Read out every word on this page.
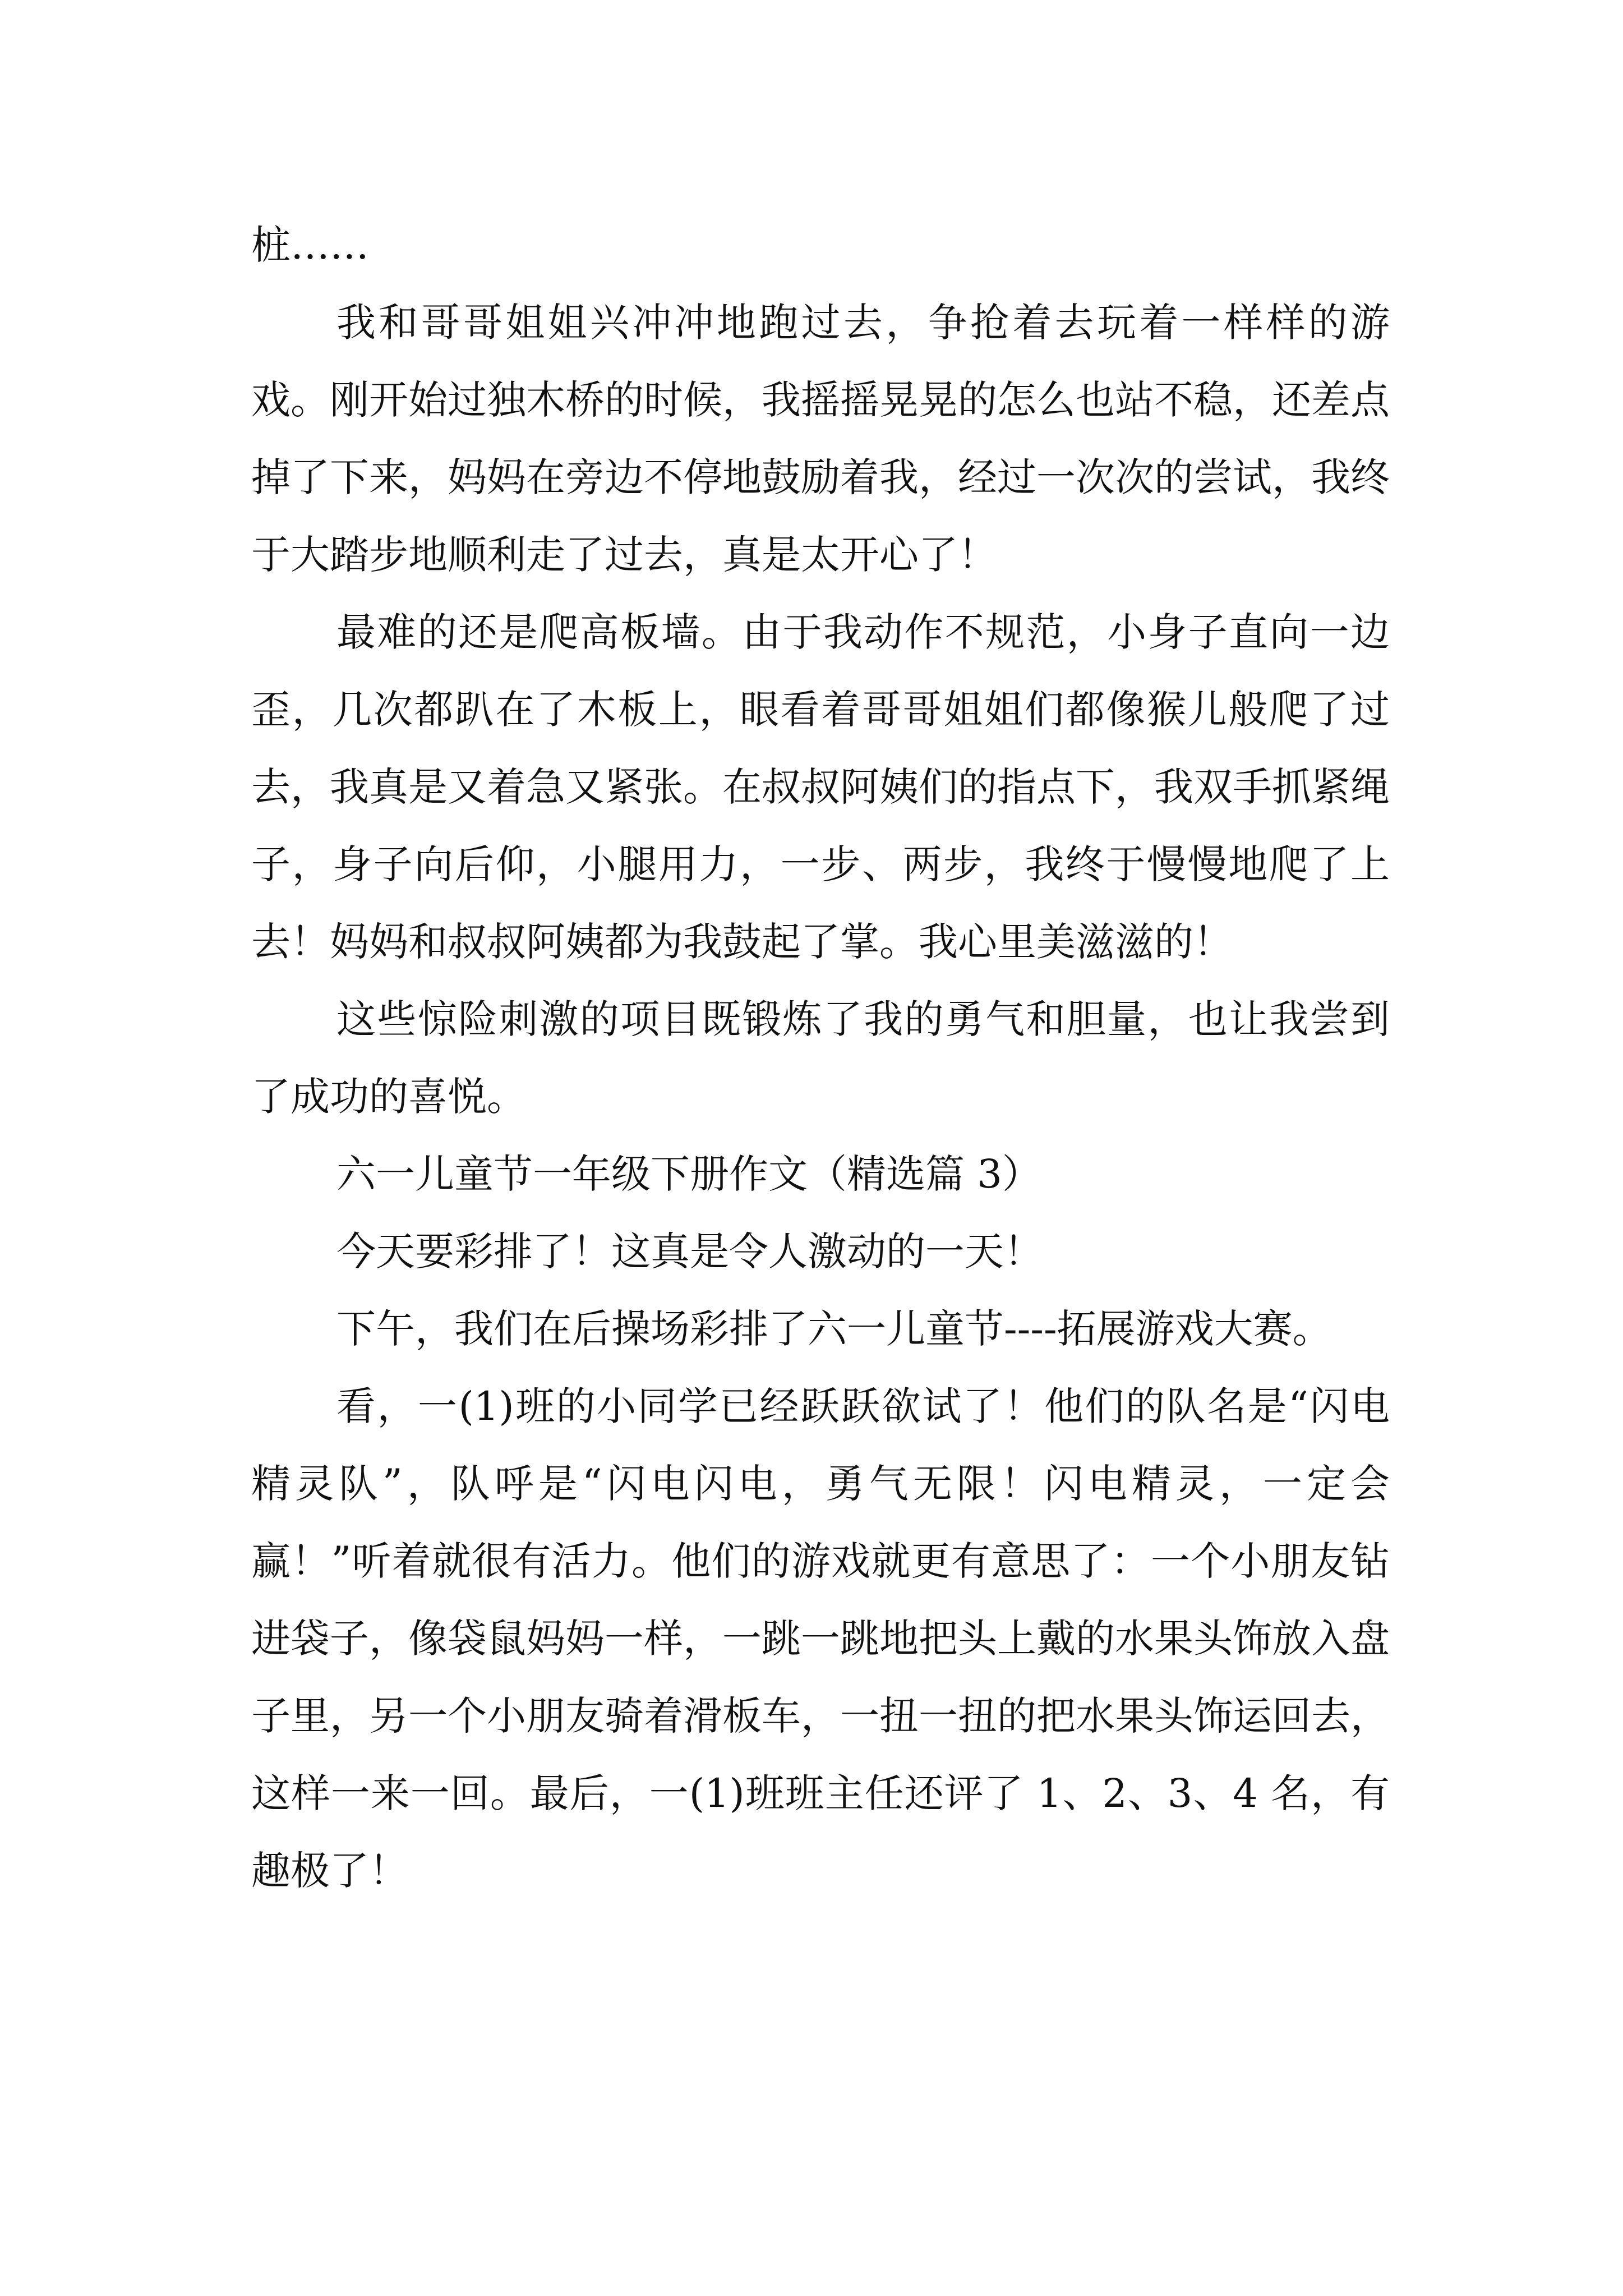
桩……

我和哥哥姐姐兴冲冲地跑过去，争抢着去玩着一样样的游戏。刚开始过独木桥的时候，我摇摇晃晃的怎么也站不稳，还差点掉了下来，妈妈在旁边不停地鼓励着我，经过一次次的尝试，我终于大踏步地顺利走了过去，真是太开心了！

最难的还是爬高板墙。由于我动作不规范，小身子直向一边歪，几次都趴在了木板上，眼看着哥哥姐姐们都像猴儿般爬了过去，我真是又着急又紧张。在叔叔阿姨们的指点下，我双手抓紧绳子，身子向后仰，小腿用力，一步、两步，我终于慢慢地爬了上去！妈妈和叔叔阿姨都为我鼓起了掌。我心里美滋滋的！

这些惊险刺激的项目既锻炼了我的勇气和胆量，也让我尝到了成功的喜悦。

六一儿童节一年级下册作文（精选篇 3）

今天要彩排了！这真是令人激动的一天！

下午，我们在后操场彩排了六一儿童节----拓展游戏大赛。

看，一(1)班的小同学已经跃跃欲试了！他们的队名是“闪电精灵队”，队呼是“闪电闪电，勇气无限！闪电精灵，一定会赢！”听着就很有活力。他们的游戏就更有意思了：一个小朋友钻进袋子，像袋鼠妈妈一样，一跳一跳地把头上戴的水果头饰放入盘子里，另一个小朋友骑着滑板车，一扭一扭的把水果头饰运回去，这样一来一回。最后，一(1)班班主任还评了 1、2、3、4 名，有趣极了！
